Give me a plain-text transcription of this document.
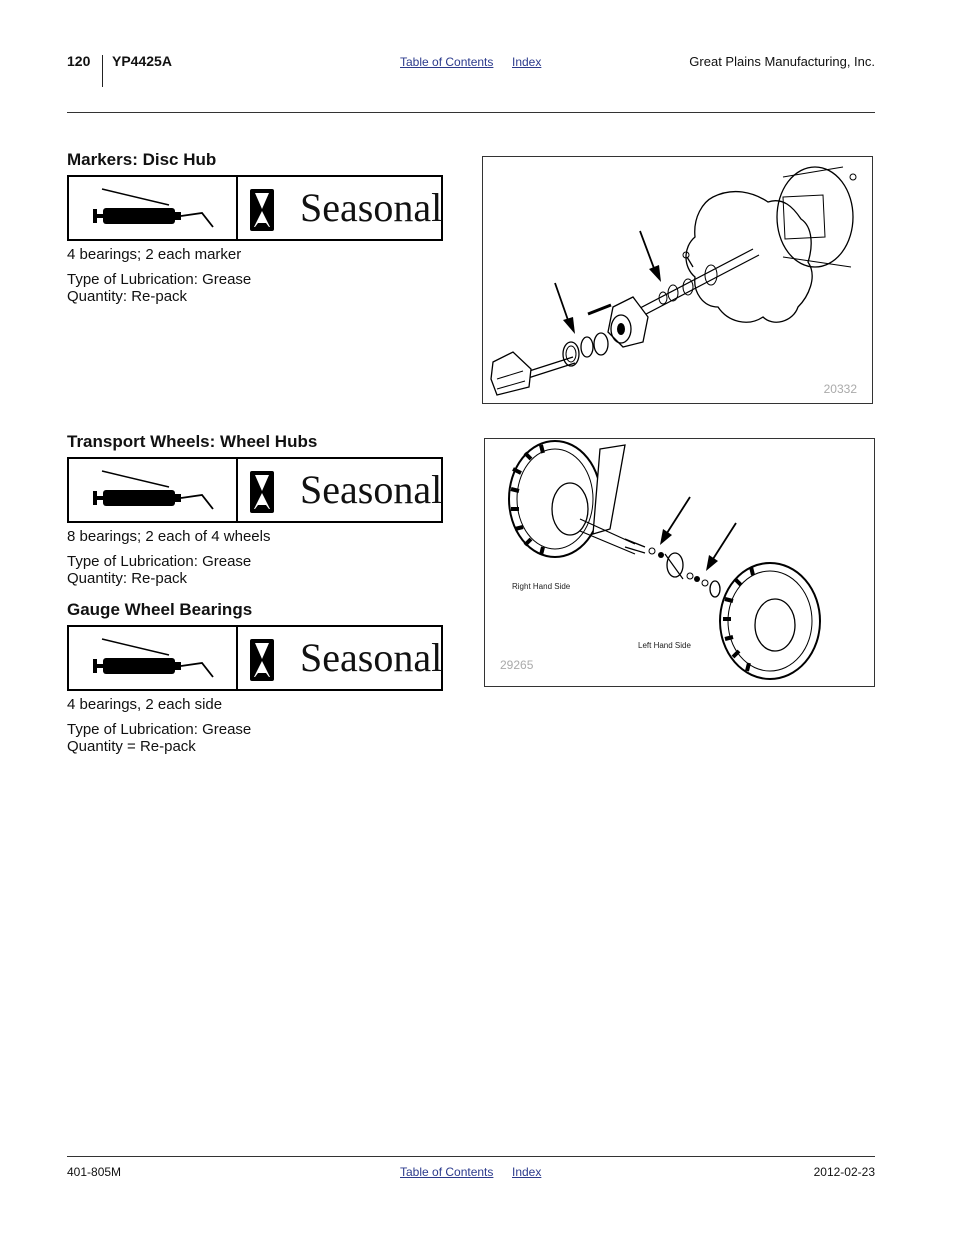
120 YP4425A	Table of Contents Index	Great Plains Manufacturing, Inc.
Markers: Disc Hub
Seasonal
4 bearings; 2 each marker
Type of Lubrication: Grease
Quantity: Re-pack
20332
Transport Wheels: Wheel Hubs
Seasonal
8 bearings; 2 each of 4 wheels
Type of Lubrication: Grease
Quantity: Re-pack	Right Hand Side
Left Hand Side
29265
Gauge Wheel Bearings
Seasonal
4 bearings, 2 each side
Type of Lubrication: Grease
Quantity = Re-pack
401-805M	Table of Contents Index	2012-02-23
